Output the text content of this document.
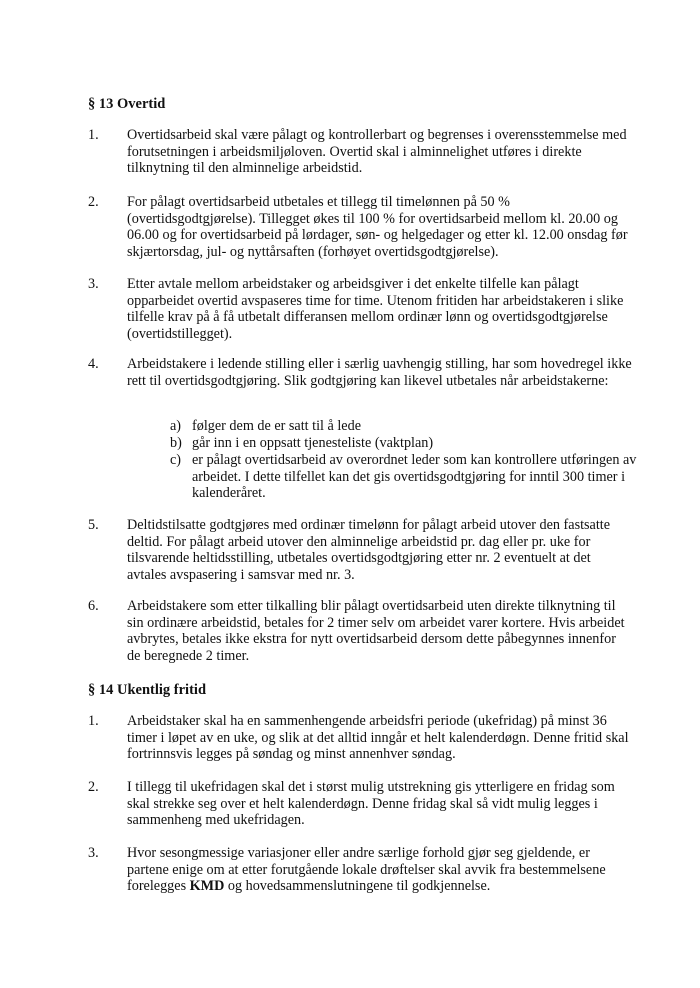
§ 13 Overtid
1. Overtidsarbeid skal være pålagt og kontrollerbart og begrenses i overensstemmelse med forutsetningen i arbeidsmiljøloven. Overtid skal i alminnelighet utføres i direkte tilknytning til den alminnelige arbeidstid.
2. For pålagt overtidsarbeid utbetales et tillegg til timelønnen på 50 % (overtidsgodtgjørelse). Tillegget økes til 100 % for overtidsarbeid mellom kl. 20.00 og 06.00 og for overtidsarbeid på lørdager, søn- og helgedager og etter kl. 12.00 onsdag før skjærtorsdag, jul- og nyttårsaften (forhøyet overtidsgodtgjørelse).
3. Etter avtale mellom arbeidstaker og arbeidsgiver i det enkelte tilfelle kan pålagt opparbeidet overtid avspaseres time for time. Utenom fritiden har arbeidstakeren i slike tilfelle krav på å få utbetalt differansen mellom ordinær lønn og overtidsgodtgjørelse (overtidstillegget).
4. Arbeidstakere i ledende stilling eller i særlig uavhengig stilling, har som hovedregel ikke rett til overtidsgodtgjøring. Slik godtgjøring kan likevel utbetales når arbeidstakerne:
a) følger dem de er satt til å lede
b) går inn i en oppsatt tjenesteliste (vaktplan)
c) er pålagt overtidsarbeid av overordnet leder som kan kontrollere utføringen av arbeidet. I dette tilfellet kan det gis overtidsgodtgjøring for inntil 300 timer i kalenderåret.
5. Deltidstilsatte godtgjøres med ordinær timelønn for pålagt arbeid utover den fastsatte deltid. For pålagt arbeid utover den alminnelige arbeidstid pr. dag eller pr. uke for tilsvarende heltidsstilling, utbetales overtidsgodtgjøring etter nr. 2 eventuelt at det avtales avspasering i samsvar med nr. 3.
6. Arbeidstakere som etter tilkalling blir pålagt overtidsarbeid uten direkte tilknytning til sin ordinære arbeidstid, betales for 2 timer selv om arbeidet varer kortere. Hvis arbeidet avbrytes, betales ikke ekstra for nytt overtidsarbeid dersom dette påbegynnes innenfor de beregnede 2 timer.
§ 14 Ukentlig fritid
1. Arbeidstaker skal ha en sammenhengende arbeidsfri periode (ukefridag) på minst 36 timer i løpet av en uke, og slik at det alltid inngår et helt kalenderdøgn. Denne fritid skal fortrinnsvis legges på søndag og minst annenhver søndag.
2. I tillegg til ukefridagen skal det i størst mulig utstrekning gis ytterligere en fridag som skal strekke seg over et helt kalenderdøgn. Denne fridag skal så vidt mulig legges i sammenheng med ukefridagen.
3. Hvor sesongmessige variasjoner eller andre særlige forhold gjør seg gjeldende, er partene enige om at etter forutgående lokale drøftelser skal avvik fra bestemmelsene forelegges KMD og hovedsammenslutningene til godkjennelse.
